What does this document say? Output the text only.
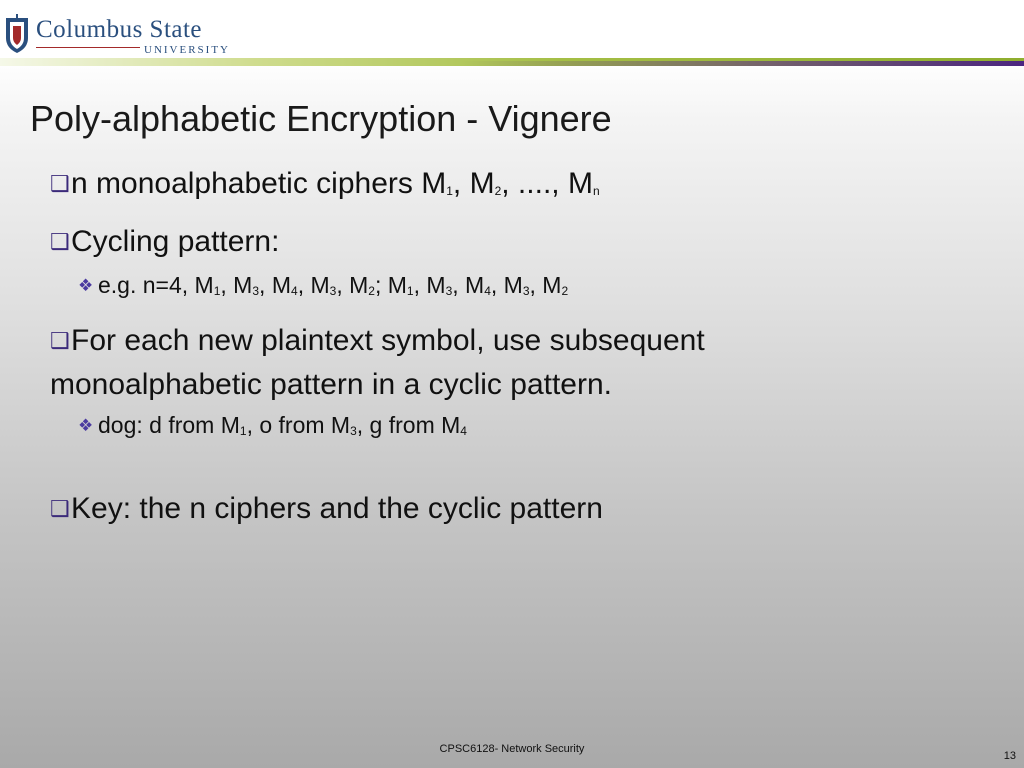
Columbus State
UNIVERSITY
Poly-alphabetic Encryption - Vignere
❑n monoalphabetic ciphers M1, M2, ...., Mn
❑Cycling pattern:
❖ e.g. n=4, M1, M3, M4, M3, M2; M1, M3, M4, M3, M2
❑For each new plaintext symbol, use subsequent
monoalphabetic pattern in a cyclic pattern.
❖ dog: d from M1, o from M3, g from M4
❑Key: the n ciphers and the cyclic pattern
CPSC6128- Network Security
13
